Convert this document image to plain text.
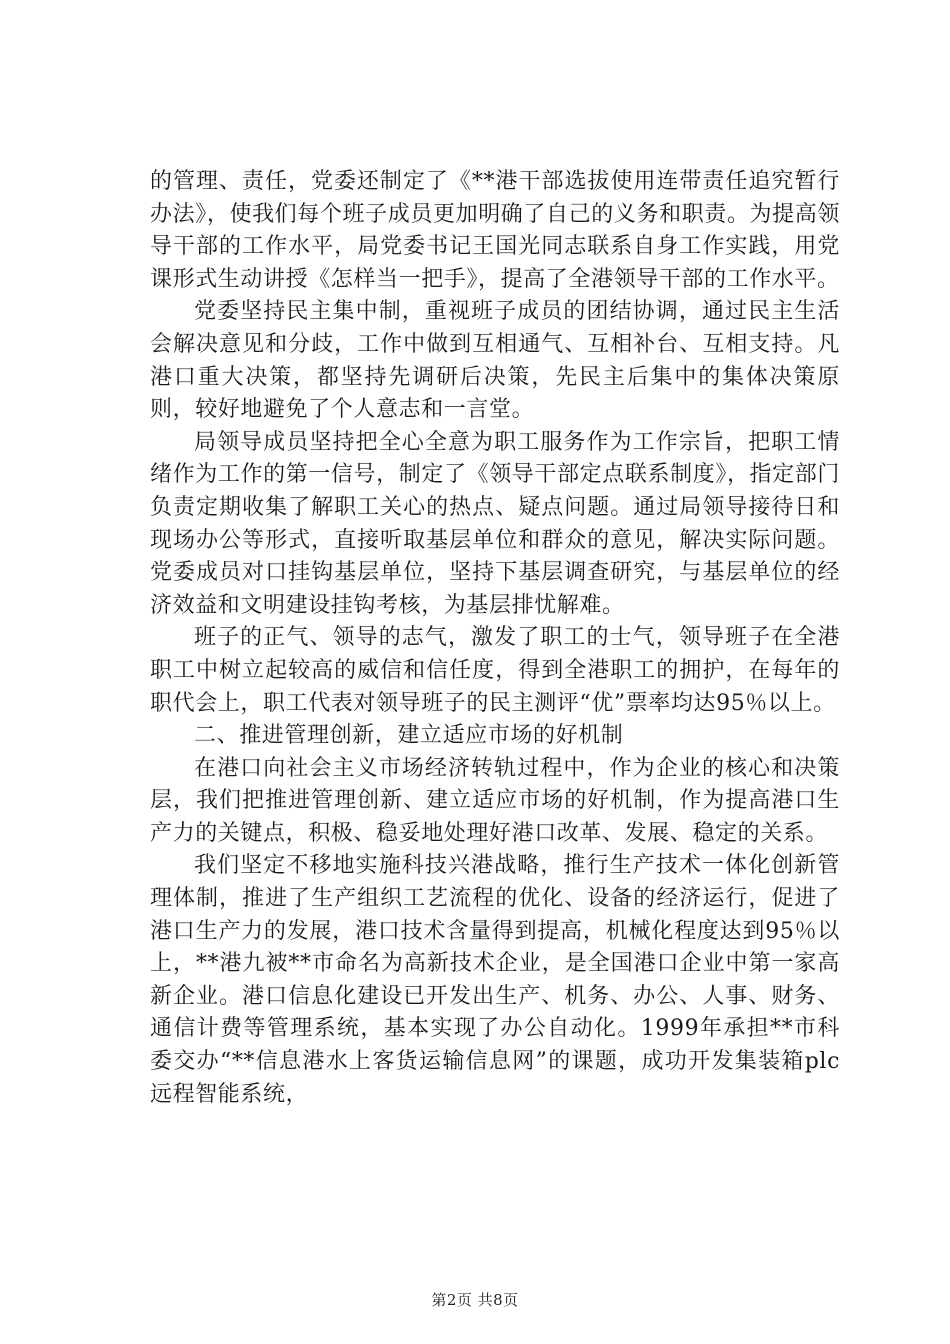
的管理、责任，党委还制定了《**港干部选拔使用连带责任追究暂行办法》，使我们每个班子成员更加明确了自己的义务和职责。为提高领导干部的工作水平，局党委书记王国光同志联系自身工作实践，用党课形式生动讲授《怎样当一把手》，提高了全港领导干部的工作水平。

党委坚持民主集中制，重视班子成员的团结协调，通过民主生活会解决意见和分歧，工作中做到互相通气、互相补台、互相支持。凡港口重大决策，都坚持先调研后决策，先民主后集中的集体决策原则，较好地避免了个人意志和一言堂。

局领导成员坚持把全心全意为职工服务作为工作宗旨，把职工情绪作为工作的第一信号，制定了《领导干部定点联系制度》，指定部门负责定期收集了解职工关心的热点、疑点问题。通过局领导接待日和现场办公等形式，直接听取基层单位和群众的意见，解决实际问题。党委成员对口挂钩基层单位，坚持下基层调查研究，与基层单位的经济效益和文明建设挂钩考核，为基层排忧解难。

班子的正气、领导的志气，激发了职工的士气，领导班子在全港职工中树立起较高的威信和信任度，得到全港职工的拥护，在每年的职代会上，职工代表对领导班子的民主测评“优”票率均达95％以上。

二、推进管理创新，建立适应市场的好机制

在港口向社会主义市场经济转轨过程中，作为企业的核心和决策层，我们把推进管理创新、建立适应市场的好机制，作为提高港口生产力的关键点，积极、稳妥地处理好港口改革、发展、稳定的关系。

我们坚定不移地实施科技兴港战略，推行生产技术一体化创新管理体制，推进了生产组织工艺流程的优化、设备的经济运行，促进了港口生产力的发展，港口技术含量得到提高，机械化程度达到95％以上，**港九被**市命名为高新技术企业，是全国港口企业中第一家高新企业。港口信息化建设已开发出生产、机务、办公、人事、财务、通信计费等管理系统，基本实现了办公自动化。1999年承担**市科委交办“**信息港水上客货运输信息网”的课题，成功开发集装箱plc远程智能系统，

第2页 共8页
